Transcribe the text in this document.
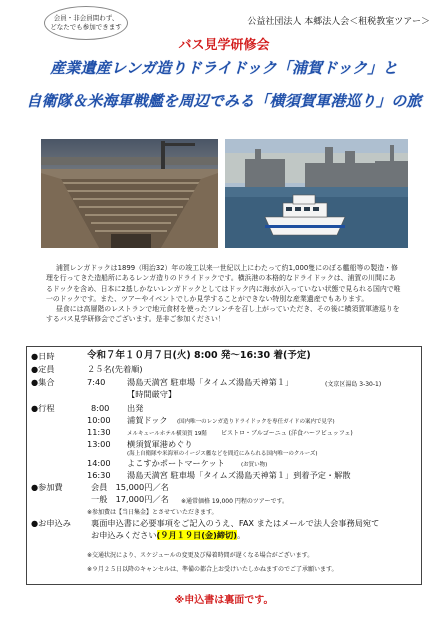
会員・非会員問わず、
どなたでも参加できます	公益社団法人 本郷法人会＜租税教室ツアー＞
バス見学研修会
産業遺産レンガ造りドライドック「浦賀ドック」と
自衛隊＆米海軍戦艦を周辺でみる「横須賀軍港巡り」の旅

浦賀レンガドックは1899（明治32）年の竣工以来一世紀以上にわたって約1,000隻にのぼる艦船等の製造・修理を行ってきた造船所にあるレンガ造りのドライドックです。横浜港の本格的なドライドックは、浦賀の川間にあるドックを含め、日本に2基しかないレンガドックとしてはドック内に海水が入っていない状態で見られる国内で唯一のドックです。また、ツアーやイベントでしか見学することができない特別な産業遺産でもあります。

昼食には高層階のレストランで地元食材を使ったフレンチを召し上がっていただき、その後に横須賀軍港巡りをするバス見学研修会でございます。是非ご参加ください！

●日時	令和７年１０月７日(火) 8:00 発～16:30 着(予定)
●定員	２５名(先着順)
●集合	7:40	湯島天満宮 駐車場「タイムズ湯島天神第１」	(文京区湯島 3-30-1)
【時間厳守】
●行程	8:00 出発
10:00 浦賀ドック (国内唯一のレンガ造りドライドックを専任ガイドの案内で見学)
11:30	メルキュールホテル横須賀 19階 ビストロ・ブルゴーニュ (洋食ハーフビュッフェ)
13:00 横須賀軍港めぐり
(海上自衛隊や米海軍のイージス艦などを間近にみられる国内唯一のクルーズ)
14:00 よこすかポートマーケット	(お買い物)
16:30 湯島天満宮 駐車場「タイムズ湯島天神第１」到着予定・解散
●参加費	会員　15,000円／名
一般　17,000円／名 ※通常価格 19,000 円程のツアーです。
※参加費は【当日集金】とさせていただきます。
●お申込み 裏面申込書に必要事項をご記入のうえ、FAX またはメールで法人会事務局宛て
お申込みください(９月１９日(金)締切)。
※交通状況により、スケジュールの変更及び帰着時間が遅くなる場合がございます。
※９月２５日以降のキャンセルは、準備の都合上お受けいたしかねますのでご了承願います。
※申込書は裏面です。
